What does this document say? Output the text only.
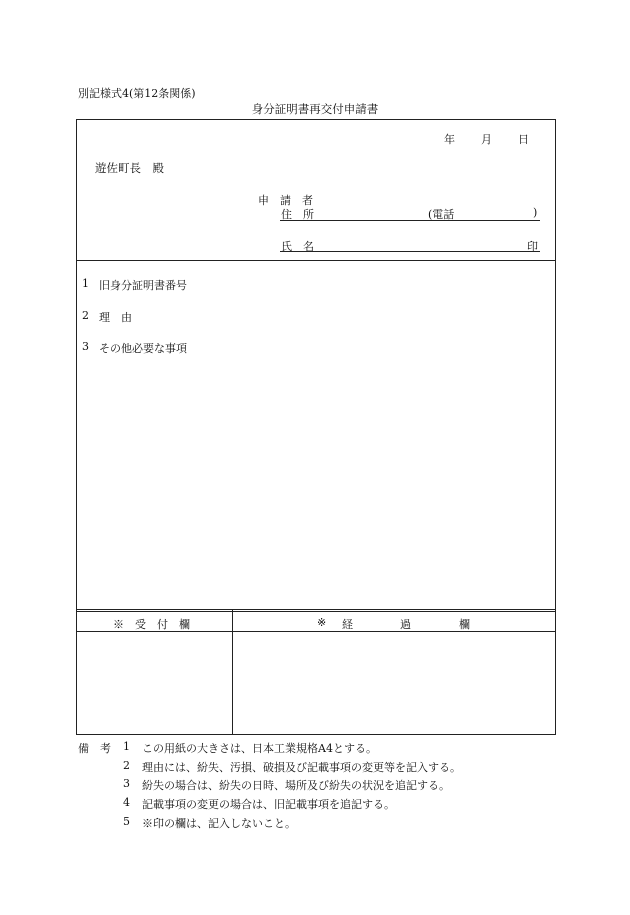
別記様式4(第12条関係)
身分証明書再交付申請書
年 月 日
遊佐町長　殿
申　請　者
住　所	(電話	)
氏　名	印
1 旧身分証明書番号
2 理　由
3 その他必要な事項
※　受　付　欄	※ 経	過	欄
備　考 1 この用紙の大きさは、日本工業規格A4とする。
2 理由には、紛失、汚損、破損及び記載事項の変更等を記入する。
3 紛失の場合は、紛失の日時、場所及び紛失の状況を追記する。
4 記載事項の変更の場合は、旧記載事項を追記する。
5 ※印の欄は、記入しないこと。
